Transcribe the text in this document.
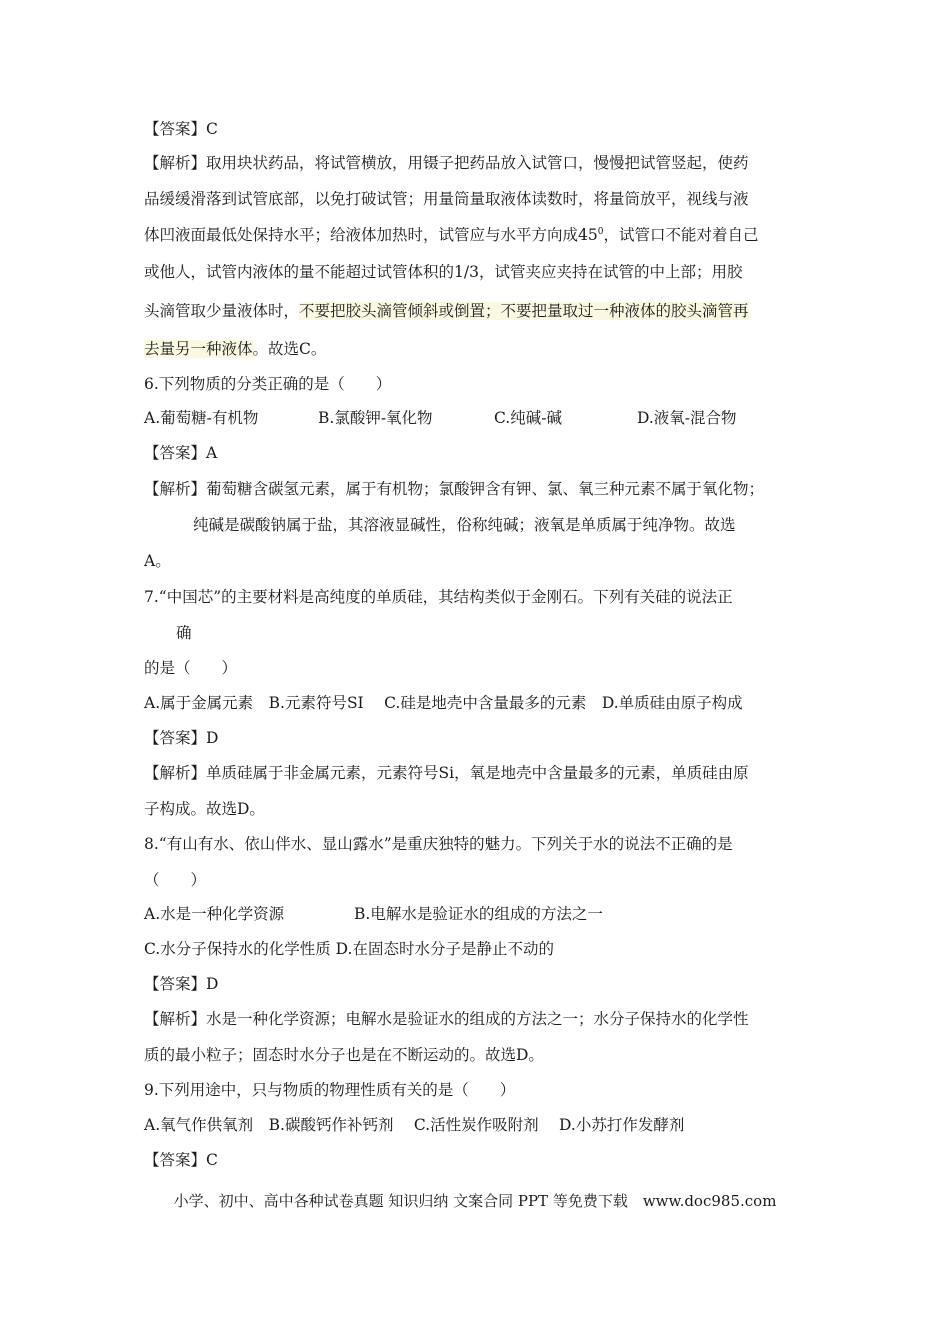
【答案】C
【解析】取用块状药品，将试管横放，用镊子把药品放入试管口，慢慢把试管竖起，使药
品缓缓滑落到试管底部，以免打破试管；用量筒量取液体读数时，将量筒放平，视线与液
体凹液面最低处保持水平；给液体加热时，试管应与水平方向成$45^0$，试管口不能对着自己
或他人，试管内液体的量不能超过试管体积的1/3，试管夹应夹持在试管的中上部；用胶
头滴管取少量液体时，不要把胶头滴管倾斜或倒置；不要把量取过一种液体的胶头滴管再
去量另一种液体。故选C。
6.下列物质的分类正确的是（　　）
A.葡萄糖-有机物	B.氯酸钾-氧化物	C.纯碱-碱	D.液氧-混合物
【答案】A
【解析】葡萄糖含碳氢元素，属于有机物；氯酸钾含有钾、氯、氧三种元素不属于氧化物；
纯碱是碳酸钠属于盐，其溶液显碱性，俗称纯碱；液氧是单质属于纯净物。故选
A。
7.“中国芯”的主要材料是高纯度的单质硅，其结构类似于金刚石。下列有关硅的说法正
确
的是（　　）
A.属于金属元素　B.元素符号SI　 C.硅是地壳中含量最多的元素　D.单质硅由原子构成
【答案】D
【解析】单质硅属于非金属元素，元素符号Si，氧是地壳中含量最多的元素，单质硅由原
子构成。故选D。
8.“有山有水、依山伴水、显山露水”是重庆独特的魅力。下列关于水的说法不正确的是
（　　）
A.水是一种化学资源	B.电解水是验证水的组成的方法之一
C.水分子保持水的化学性质 D.在固态时水分子是静止不动的
【答案】D
【解析】水是一种化学资源；电解水是验证水的组成的方法之一；水分子保持水的化学性
质的最小粒子；固态时水分子也是在不断运动的。故选D。
9.下列用途中，只与物质的物理性质有关的是（　　）
A.氧气作供氧剂　B.碳酸钙作补钙剂　 C.活性炭作吸附剂　 D.小苏打作发酵剂
【答案】C
小学、初中、高中各种试卷真题 知识归纳 文案合同 PPT 等免费下载　www.doc985.com
